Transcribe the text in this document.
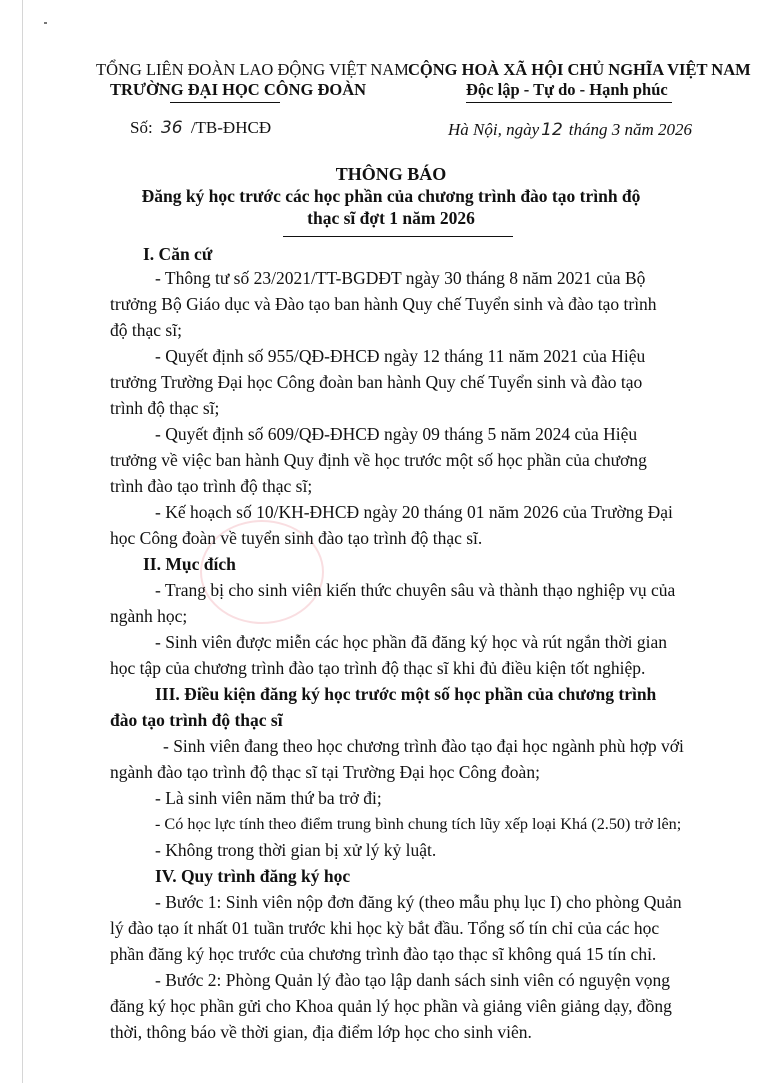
TỔNG LIÊN ĐOÀN LAO ĐỘNG VIỆT NAM
TRƯỜNG ĐẠI HỌC CÔNG ĐOÀN
CỘNG HOÀ XÃ HỘI CHỦ NGHĨA VIỆT NAM
Độc lập - Tự do - Hạnh phúc
Số: 36 /TB-ĐHCĐ	Hà Nội, ngày 12 tháng 3 năm 2026
THÔNG BÁO
Đăng ký học trước các học phần của chương trình đào tạo trình độ
thạc sĩ đợt 1 năm 2026
I. Căn cứ
- Thông tư số 23/2021/TT-BGDĐT ngày 30 tháng 8 năm 2021 của Bộ
trưởng Bộ Giáo dục và Đào tạo ban hành Quy chế Tuyển sinh và đào tạo trình
độ thạc sĩ;
- Quyết định số 955/QĐ-ĐHCĐ ngày 12 tháng 11 năm 2021 của Hiệu
trưởng Trường Đại học Công đoàn ban hành Quy chế Tuyển sinh và đào tạo
trình độ thạc sĩ;
- Quyết định số 609/QĐ-ĐHCĐ ngày 09 tháng 5 năm 2024 của Hiệu
trưởng về việc ban hành Quy định về học trước một số học phần của chương
trình đào tạo trình độ thạc sĩ;
- Kế hoạch số 10/KH-ĐHCĐ ngày 20 tháng 01 năm 2026 của Trường Đại
học Công đoàn về tuyển sinh đào tạo trình độ thạc sĩ.
II. Mục đích
- Trang bị cho sinh viên kiến thức chuyên sâu và thành thạo nghiệp vụ của
ngành học;
- Sinh viên được miễn các học phần đã đăng ký học và rút ngắn thời gian
học tập của chương trình đào tạo trình độ thạc sĩ khi đủ điều kiện tốt nghiệp.
III. Điều kiện đăng ký học trước một số học phần của chương trình
đào tạo trình độ thạc sĩ
- Sinh viên đang theo học chương trình đào tạo đại học ngành phù hợp với
ngành đào tạo trình độ thạc sĩ tại Trường Đại học Công đoàn;
- Là sinh viên năm thứ ba trở đi;
- Có học lực tính theo điểm trung bình chung tích lũy xếp loại Khá (2.50) trở lên;
- Không trong thời gian bị xử lý kỷ luật.
IV. Quy trình đăng ký học
- Bước 1: Sinh viên nộp đơn đăng ký (theo mẫu phụ lục I) cho phòng Quản
lý đào tạo ít nhất 01 tuần trước khi học kỳ bắt đầu. Tổng số tín chỉ của các học
phần đăng ký học trước của chương trình đào tạo thạc sĩ không quá 15 tín chỉ.
- Bước 2: Phòng Quản lý đào tạo lập danh sách sinh viên có nguyện vọng
đăng ký học phần gửi cho Khoa quản lý học phần và giảng viên giảng dạy, đồng
thời, thông báo về thời gian, địa điểm lớp học cho sinh viên.
